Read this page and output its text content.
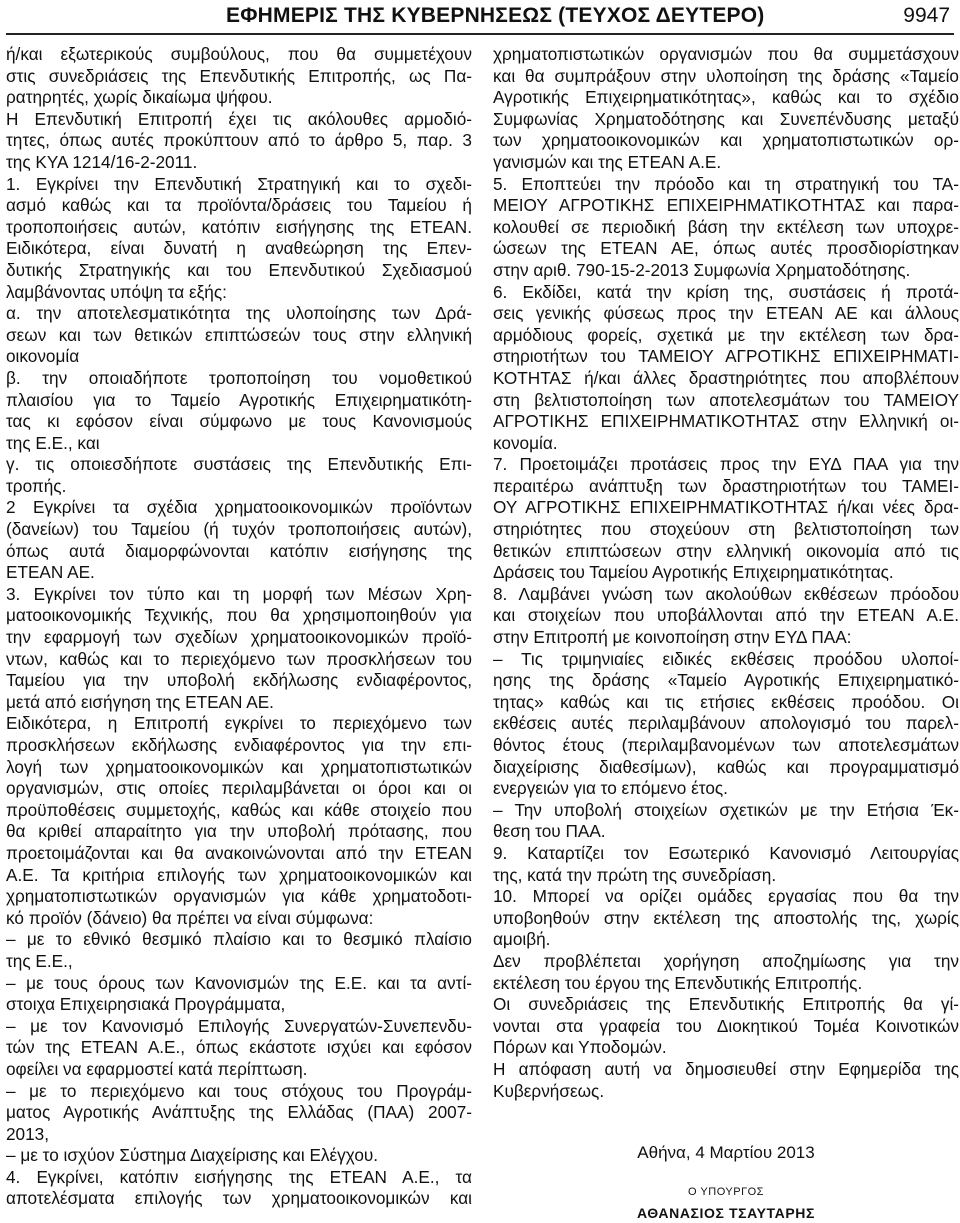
ΕΦΗΜΕΡΙΣ ΤΗΣ ΚΥΒΕΡΝΗΣΕΩΣ (ΤΕΥΧΟΣ ΔΕΥΤΕΡΟ)	9947
ή/και εξωτερικούς συμβούλους, που θα συμμετέχουν
στις συνεδριάσεις της Επενδυτικής Επιτροπής, ως Πα-
ρατηρητές, χωρίς δικαίωμα ψήφου.
Η Επενδυτική Επιτροπή έχει τις ακόλουθες αρμοδιό-
τητες, όπως αυτές προκύπτουν από το άρθρο 5, παρ. 3
της ΚΥΑ 1214/16-2-2011.
1. Εγκρίνει την Επενδυτική Στρατηγική και το σχεδι-
ασμό καθώς και τα προϊόντα/δράσεις του Ταμείου ή
τροποποιήσεις αυτών, κατόπιν εισήγησης της ΕΤΕΑΝ.
Ειδικότερα, είναι δυνατή η αναθεώρηση της Επεν-
δυτικής Στρατηγικής και του Επενδυτικού Σχεδιασμού
λαμβάνοντας υπόψη τα εξής:
α. την αποτελεσματικότητα της υλοποίησης των Δρά-
σεων και των θετικών επιπτώσεών τους στην ελληνική
οικονομία
β. την οποιαδήποτε τροποποίηση του νομοθετικού
πλαισίου για το Ταμείο Αγροτικής Επιχειρηματικότη-
τας κι εφόσον είναι σύμφωνο με τους Κανονισμούς
της Ε.Ε., και
γ. τις οποιεσδήποτε συστάσεις της Επενδυτικής Επι-
τροπής.
2 Εγκρίνει τα σχέδια χρηματοοικονομικών προϊόντων
(δανείων) του Ταμείου (ή τυχόν τροποποιήσεις αυτών),
όπως αυτά διαμορφώνονται κατόπιν εισήγησης της
ΕΤΕΑΝ ΑΕ.
3. Εγκρίνει τον τύπο και τη μορφή των Μέσων Χρη-
ματοοικονομικής Τεχνικής, που θα χρησιμοποιηθούν για
την εφαρμογή των σχεδίων χρηματοοικονομικών προϊό-
ντων, καθώς και το περιεχόμενο των προσκλήσεων του
Ταμείου για την υποβολή εκδήλωσης ενδιαφέροντος,
μετά από εισήγηση της ΕΤΕΑΝ ΑΕ.
Ειδικότερα, η Επιτροπή εγκρίνει το περιεχόμενο των
προσκλήσεων εκδήλωσης ενδιαφέροντος για την επι-
λογή των χρηματοοικονομικών και χρηματοπιστωτικών
οργανισμών, στις οποίες περιλαμβάνεται οι όροι και οι
προϋποθέσεις συμμετοχής, καθώς και κάθε στοιχείο που
θα κριθεί απαραίτητο για την υποβολή πρότασης, που
προετοιμάζονται και θα ανακοινώνονται από την ΕΤΕΑΝ
Α.Ε. Τα κριτήρια επιλογής των χρηματοοικονομικών και
χρηματοπιστωτικών οργανισμών για κάθε χρηματοδοτι-
κό προϊόν (δάνειο) θα πρέπει να είναι σύμφωνα:
– με το εθνικό θεσμικό πλαίσιο και το θεσμικό πλαίσιο
της Ε.Ε.,
– με τους όρους των Κανονισμών της Ε.Ε. και τα αντί-
στοιχα Επιχειρησιακά Προγράμματα,
– με τον Κανονισμό Επιλογής Συνεργατών-Συνεπενδυ-
τών της ΕΤΕΑΝ Α.Ε., όπως εκάστοτε ισχύει και εφόσον
οφείλει να εφαρμοστεί κατά περίπτωση.
– με το περιεχόμενο και τους στόχους του Προγράμ-
ματος Αγροτικής Ανάπτυξης της Ελλάδας (ΠΑΑ) 2007-
2013,
– με το ισχύον Σύστημα Διαχείρισης και Ελέγχου.
4. Εγκρίνει, κατόπιν εισήγησης της ΕΤΕΑΝ Α.Ε., τα
αποτελέσματα επιλογής των χρηματοοικονομικών και
χρηματοπιστωτικών οργανισμών που θα συμμετάσχουν
και θα συμπράξουν στην υλοποίηση της δράσης «Ταμείο
Αγροτικής Επιχειρηματικότητας», καθώς και το σχέδιο
Συμφωνίας Χρηματοδότησης και Συνεπένδυσης μεταξύ
των χρηματοοικονομικών και χρηματοπιστωτικών ορ-
γανισμών και της ΕΤΕΑΝ Α.Ε.
5. Εποπτεύει την πρόοδο και τη στρατηγική του ΤΑ-
ΜΕΙΟΥ ΑΓΡΟΤΙΚΗΣ ΕΠΙΧΕΙΡΗΜΑΤΙΚΟΤΗΤΑΣ και παρα-
κολουθεί σε περιοδική βάση την εκτέλεση των υποχρε-
ώσεων της ΕΤΕΑΝ ΑΕ, όπως αυτές προσδιορίστηκαν
στην αριθ. 790-15-2-2013 Συμφωνία Χρηματοδότησης.
6. Εκδίδει, κατά την κρίση της, συστάσεις ή προτά-
σεις γενικής φύσεως προς την ΕΤΕΑΝ ΑΕ και άλλους
αρμόδιους φορείς, σχετικά με την εκτέλεση των δρα-
στηριοτήτων του ΤΑΜΕΙΟΥ ΑΓΡΟΤΙΚΗΣ ΕΠΙΧΕΙΡΗΜΑΤΙ-
ΚΟΤΗΤΑΣ ή/και άλλες δραστηριότητες που αποβλέπουν
στη βελτιστοποίηση των αποτελεσμάτων του ΤΑΜΕΙΟΥ
ΑΓΡΟΤΙΚΗΣ ΕΠΙΧΕΙΡΗΜΑΤΙΚΟΤΗΤΑΣ στην Ελληνική οι-
κονομία.
7. Προετοιμάζει προτάσεις προς την ΕΥΔ ΠΑΑ για την
περαιτέρω ανάπτυξη των δραστηριοτήτων του ΤΑΜΕΙ-
ΟΥ ΑΓΡΟΤΙΚΗΣ ΕΠΙΧΕΙΡΗΜΑΤΙΚΟΤΗΤΑΣ ή/και νέες δρα-
στηριότητες που στοχεύουν στη βελτιστοποίηση των
θετικών επιπτώσεων στην ελληνική οικονομία από τις
Δράσεις του Ταμείου Αγροτικής Επιχειρηματικότητας.
8. Λαμβάνει γνώση των ακολούθων εκθέσεων πρόοδου
και στοιχείων που υποβάλλονται από την ΕΤΕΑΝ Α.Ε.
στην Επιτροπή με κοινοποίηση στην ΕΥΔ ΠΑΑ:
– Τις τριμηνιαίες ειδικές εκθέσεις προόδου υλοποί-
ησης της δράσης «Ταμείο Αγροτικής Επιχειρηματικό-
τητας» καθώς και τις ετήσιες εκθέσεις προόδου. Οι
εκθέσεις αυτές περιλαμβάνουν απολογισμό του παρελ-
θόντος έτους (περιλαμβανομένων των αποτελεσμάτων
διαχείρισης διαθεσίμων), καθώς και προγραμματισμό
ενεργειών για το επόμενο έτος.
– Την υποβολή στοιχείων σχετικών με την Ετήσια Έκ-
θεση του ΠΑΑ.
9. Καταρτίζει τον Εσωτερικό Κανονισμό Λειτουργίας
της, κατά την πρώτη της συνεδρίαση.
10. Μπορεί να ορίζει ομάδες εργασίας που θα την
υποβοηθούν στην εκτέλεση της αποστολής της, χωρίς
αμοιβή.
Δεν προβλέπεται χορήγηση αποζημίωσης για την
εκτέλεση του έργου της Επενδυτικής Επιτροπής.
Οι συνεδριάσεις της Επενδυτικής Επιτροπής θα γί-
νονται στα γραφεία του Διοκητικού Τομέα Κοινοτικών
Πόρων και Υποδομών.
Η απόφαση αυτή να δημοσιευθεί στην Εφημερίδα της
Κυβερνήσεως.
Αθήνα, 4 Μαρτίου 2013
Ο ΥΠΟΥΡΓΟΣ
ΑΘΑΝΑΣΙΟΣ ΤΣΑΥΤΑΡΗΣ
